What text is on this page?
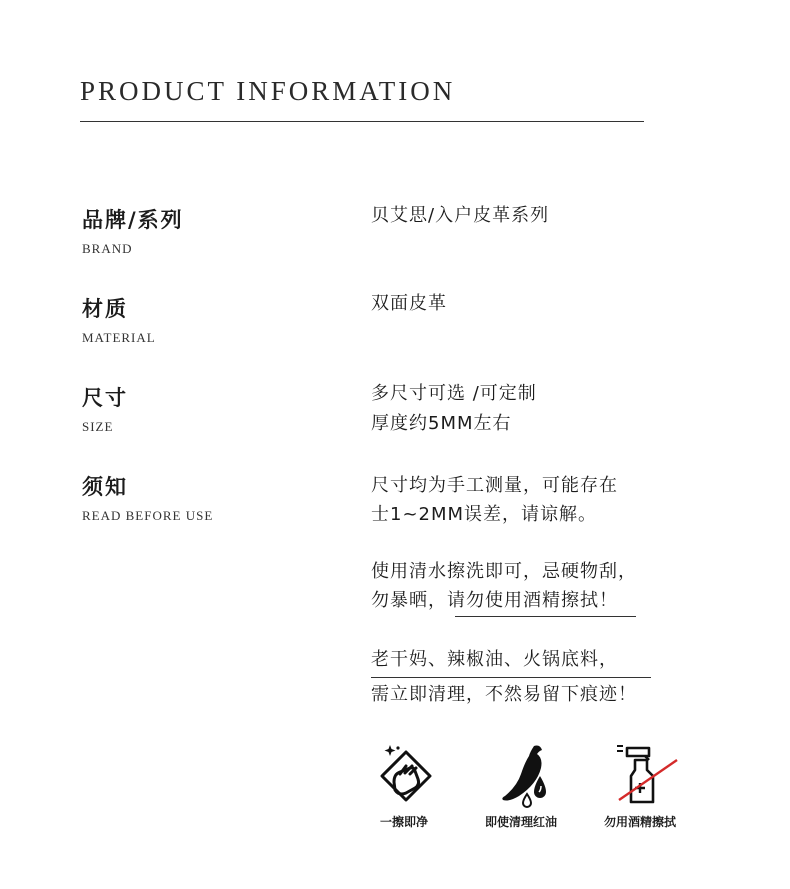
PRODUCT INFORMATION
品牌/系列
BRAND
贝艾思/入户皮革系列
材质
MATERIAL
双面皮革
尺寸
SIZE
多尺寸可选 /可定制
厚度约5MM左右
须知
READ BEFORE USE
尺寸均为手工测量，可能存在
士1~2MM误差，请谅解。
使用清水擦洗即可，忌硬物刮，
勿暴晒，请勿使用酒精擦拭！
老干妈、辣椒油、火锅底料，
需立即清理，不然易留下痕迹！
一擦即净	即使清理红油	勿用酒精擦拭
